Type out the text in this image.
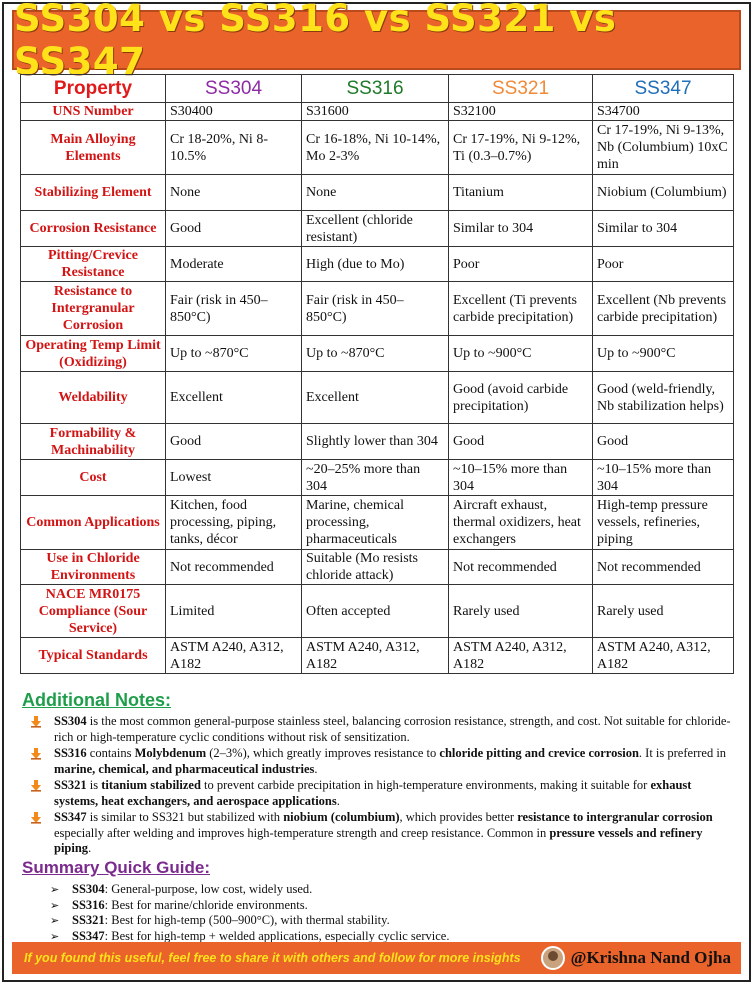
SS304 vs SS316 vs SS321 vs SS347
Property	SS304	SS316	SS321	SS347
UNS Number	S30400	S31600	S32100	S34700
Main Alloying Elements	Cr 18-20%, Ni 8-10.5%	Cr 16-18%, Ni 10-14%, Mo 2-3%	Cr 17-19%, Ni 9-12%, Ti (0.3–0.7%)	Cr 17-19%, Ni 9-13%, Nb (Columbium) 10xC min
Stabilizing Element	None	None	Titanium	Niobium (Columbium)
Corrosion Resistance	Good	Excellent (chloride resistant)	Similar to 304	Similar to 304
Pitting/Crevice Resistance	Moderate	High (due to Mo)	Poor	Poor
Resistance to Intergranular Corrosion	Fair (risk in 450–850°C)	Fair (risk in 450–850°C)	Excellent (Ti prevents carbide precipitation)	Excellent (Nb prevents carbide precipitation)
Operating Temp Limit (Oxidizing)	Up to ~870°C	Up to ~870°C	Up to ~900°C	Up to ~900°C
Weldability	Excellent	Excellent	Good (avoid carbide precipitation)	Good (weld-friendly, Nb stabilization helps)
Formability & Machinability	Good	Slightly lower than 304	Good	Good
Cost	Lowest	~20–25% more than 304	~10–15% more than 304	~10–15% more than 304
Common Applications	Kitchen, food processing, piping, tanks, décor	Marine, chemical processing, pharmaceuticals	Aircraft exhaust, thermal oxidizers, heat exchangers	High-temp pressure vessels, refineries, piping
Use in Chloride Environments	Not recommended	Suitable (Mo resists chloride attack)	Not recommended	Not recommended
NACE MR0175 Compliance (Sour Service)	Limited	Often accepted	Rarely used	Rarely used
Typical Standards	ASTM A240, A312, A182	ASTM A240, A312, A182	ASTM A240, A312, A182	ASTM A240, A312, A182
Additional Notes:
SS304 is the most common general-purpose stainless steel, balancing corrosion resistance, strength, and cost. Not suitable for chloride-rich or high-temperature cyclic conditions without risk of sensitization.
SS316 contains Molybdenum (2–3%), which greatly improves resistance to chloride pitting and crevice corrosion. It is preferred in marine, chemical, and pharmaceutical industries.
SS321 is titanium stabilized to prevent carbide precipitation in high-temperature environments, making it suitable for exhaust systems, heat exchangers, and aerospace applications.
SS347 is similar to SS321 but stabilized with niobium (columbium), which provides better resistance to intergranular corrosion especially after welding and improves high-temperature strength and creep resistance. Common in pressure vessels and refinery piping.
Summary Quick Guide:
➢ SS304: General-purpose, low cost, widely used.
➢ SS316: Best for marine/chloride environments.
➢ SS321: Best for high-temp (500–900°C), with thermal stability.
➢ SS347: Best for high-temp + welded applications, especially cyclic service.
If you found this useful, feel free to share it with others and follow for more insights	@Krishna Nand Ojha
